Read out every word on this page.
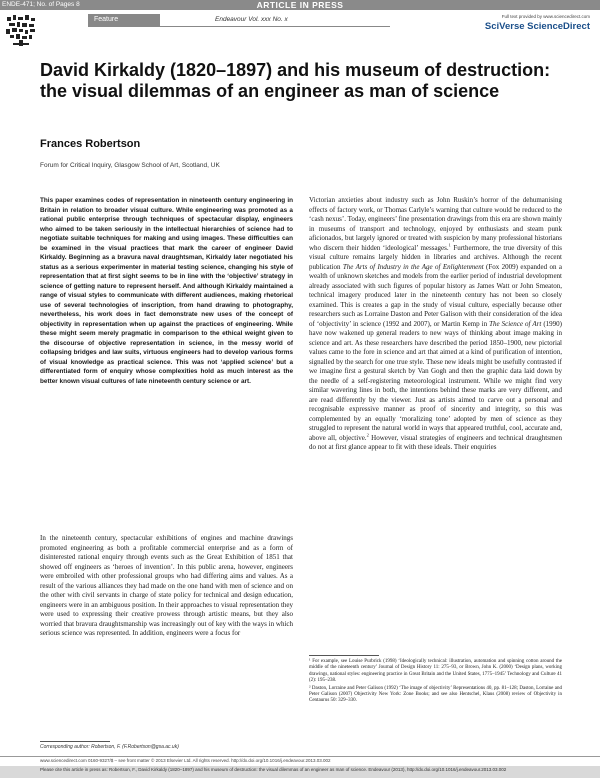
ENDE-471; No. of Pages 8	ARTICLE IN PRESS
Feature	Endeavour Vol. xxx No. x	Full text provided by www.sciencedirect.com
SciVerse ScienceDirect
David Kirkaldy (1820–1897) and his museum of destruction: the visual dilemmas of an engineer as man of science
Frances Robertson
Forum for Critical Inquiry, Glasgow School of Art, Scotland, UK
This paper examines codes of representation in nineteenth century engineering in Britain in relation to broader visual culture. While engineering was promoted as a rational public enterprise through techniques of spectacular display, engineers who aimed to be taken seriously in the intellectual hierarchies of science had to negotiate suitable techniques for making and using images. These difficulties can be examined in the visual practices that mark the career of engineer David Kirkaldy. Beginning as a bravura naval draughtsman, Kirkaldy later negotiated his status as a serious experimenter in material testing science, changing his style of representation that at first sight seems to be in line with the ‘objective’ strategy in science of getting nature to represent herself. And although Kirkaldy maintained a range of visual styles to communicate with different audiences, making rhetorical use of several technologies of inscription, from hand drawing to photography, nevertheless, his work does in fact demonstrate new uses of the concept of objectivity in representation when up against the practices of engineering. While these might seem merely pragmatic in comparison to the ethical weight given to the discourse of objective representation in science, in the messy world of collapsing bridges and law suits, virtuous engineers had to develop various forms of visual knowledge as practical science. This was not ‘applied science’ but a differentiated form of enquiry whose complexities hold as much interest as the better known visual cultures of late nineteenth century science or art.

In the nineteenth century, spectacular exhibitions of engines and machine drawings promoted engineering as both a profitable commercial enterprise and as a form of disinterested rational enquiry through events such as the Great Exhibition of 1851 that showed off engineers as ‘heroes of invention’. In this public arena, however, engineers were embroiled with other professional groups who had differing aims and values. As a result of the various alliances they had made on the one hand with men of science and on the other with civil servants in charge of state policy for technical and design education, engineers were in an ambiguous position. In their approaches to visual representation they were used to expressing their creative prowess through artistic means, but they also worried that bravura draughtsmanship was increasingly out of key with the ways in which serious science was represented. In addition, engineers were a focus for

Victorian anxieties about industry such as John Ruskin’s horror of the dehumanising effects of factory work, or Thomas Carlyle’s warning that culture would be reduced to the ‘cash nexus’. Today, engineers’ fine presentation drawings from this era are shown mainly in museums of transport and technology, enjoyed by enthusiasts and steam punk aficionados, but largely ignored or treated with suspicion by many professional historians who discern their hidden ‘ideological’ messages.$^1$ Furthermore, the true diversity of this visual culture remains largely hidden in libraries and archives. Although the recent publication The Arts of Industry in the Age of Enlightenment (Fox 2009) expanded on a wealth of unknown sketches and models from the earlier period of industrial development already associated with such figures of popular history as James Watt or John Smeaton, technical imagery produced later in the nineteenth century has not been so closely examined. This is creates a gap in the study of visual culture, especially because other researchers such as Lorraine Daston and Peter Galison with their consideration of the idea of ‘objectivity’ in science (1992 and 2007), or Martin Kemp in The Science of Art (1990) have now wakened up general readers to new ways of thinking about image making in science and art. As these researchers have described the period 1850–1900, new pictorial values came to the fore in science and art that aimed at a kind of purification of intention, signalled by the search for one true style. These new ideals might be usefully contrasted if we imagine first a gestural sketch by Van Gogh and then the graphic data laid down by the needle of a self-registering meteorological instrument. While we might find very similar wavering lines in both, the intentions behind these marks are very different, and are read differently by the viewer. Just as artists aimed to carve out a personal and recognisable expressive manner as proof of sincerity and integrity, so this was complemented by an equally ‘moralizing tone’ adopted by men of science as they struggled to represent the natural world in ways that appeared truthful, cool, accurate and, above all, objective.$^2$ However, visual strategies of engineers and technical draughtsmen do not at first glance appear to fit with these ideals. Their enquiries

¹ For example, see Louise Purbrick (1998) ‘Ideologically technical: illustration, automation and spinning cotton around the middle of the nineteenth century’ Journal of Design History 11: 275–93, or Brown, John K. (2000) ‘Design plans, working drawings, national styles: engineering practice in Great Britain and the United States, 1775–1945’ Technology and Culture 41 (2): 195–238.

² Daston, Lorraine and Peter Galison (1992) ‘The image of objectivity’ Representations 40, pp. 81–128; Daston, Lorraine and Peter Galison (2007) Objectivity New York: Zone Books; and see also Hentschel, Klaus (2008) review of Objectivity in Centaurus 50: 329–330.

Corresponding author: Robertson, F. (F.Robertson@gsa.ac.uk)
www.sciencedirect.com 0160-9327/$ – see front matter © 2013 Elsevier Ltd. All rights reserved. http://dx.doi.org/10.1016/j.endeavour.2013.03.002
Please cite this article in press as: Robertson, F., David Kirkaldy (1820–1897) and his museum of destruction: the visual dilemmas of an engineer as man of science. Endeavour (2013), http://dx.doi.org/10.1016/j.endeavour.2013.03.002
